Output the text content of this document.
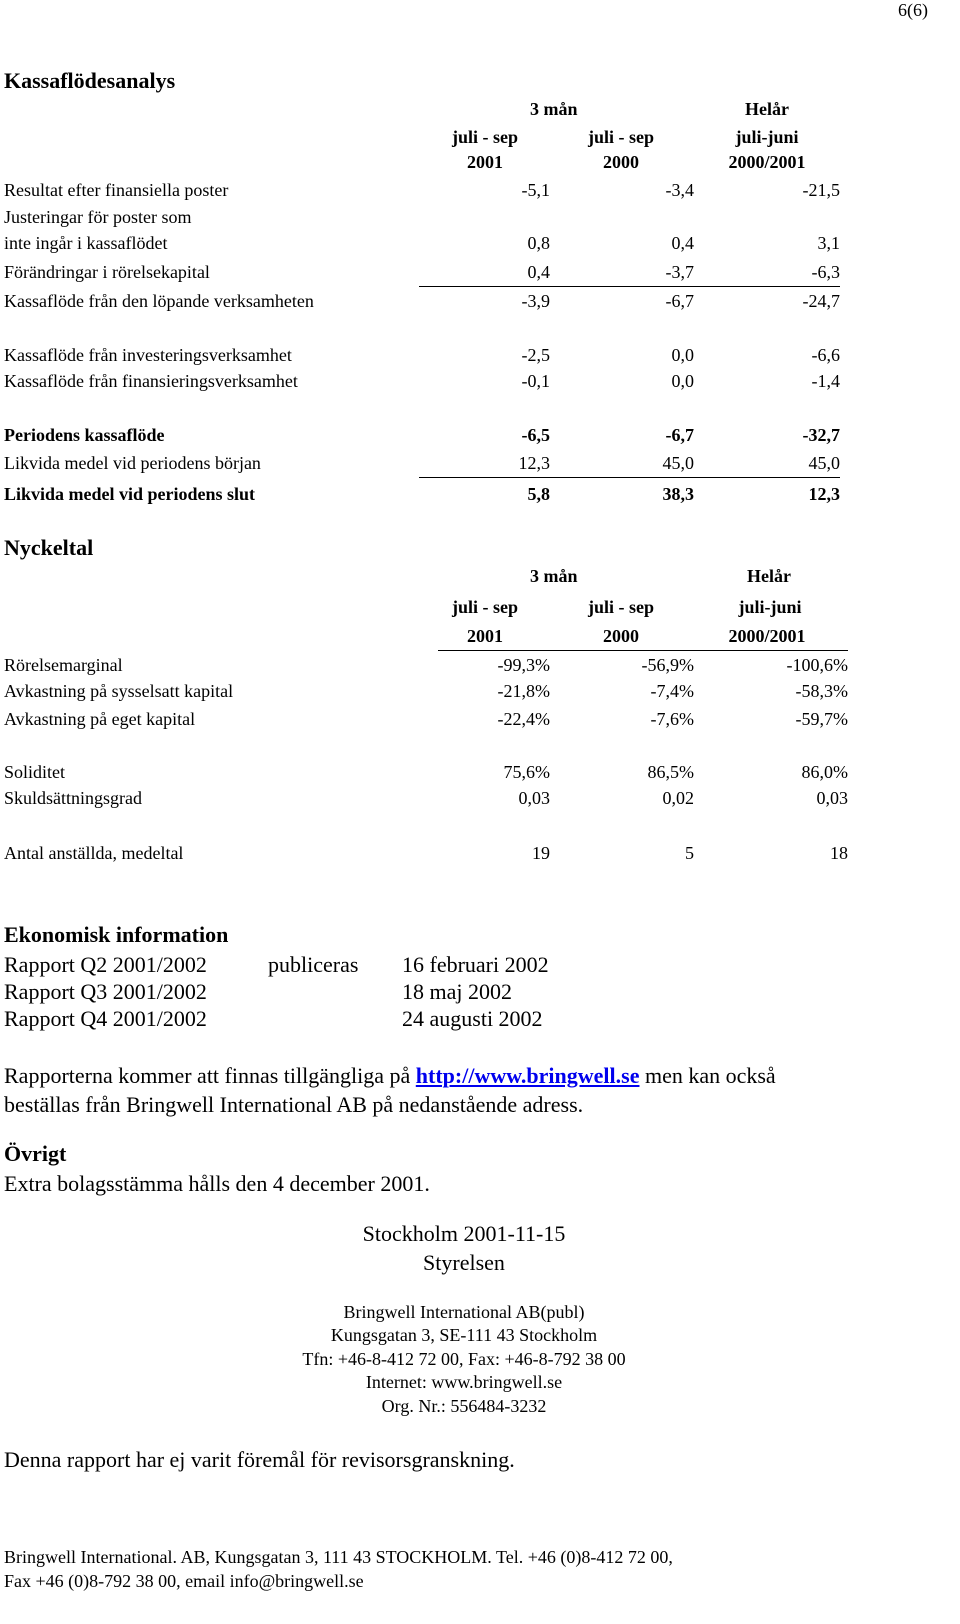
6(6)
Kassaflödesanalys
3 mån	Helår
juli - sep	juli - sep	juli-juni
2001	2000	2000/2001
Resultat efter finansiella poster	-5,1	-3,4	-21,5
Justeringar för poster som
inte ingår i kassaflödet	0,8	0,4	3,1
Förändringar i rörelsekapital	0,4	-3,7	-6,3
Kassaflöde från den löpande verksamheten	-3,9	-6,7	-24,7
Kassaflöde från investeringsverksamhet	-2,5	0,0	-6,6
Kassaflöde från finansieringsverksamhet	-0,1	0,0	-1,4
Periodens kassaflöde	-6,5	-6,7	-32,7
Likvida medel vid periodens början	12,3	45,0	45,0
Likvida medel vid periodens slut	5,8	38,3	12,3
Nyckeltal
3 mån	Helår
juli - sep	juli - sep	juli-juni
2001	2000	2000/2001
Rörelsemarginal	-99,3%	-56,9%	-100,6%
Avkastning på sysselsatt kapital	-21,8%	-7,4%	-58,3%
Avkastning på eget kapital	-22,4%	-7,6%	-59,7%
Soliditet	75,6%	86,5%	86,0%
Skuldsättningsgrad	0,03	0,02	0,03
Antal anställda, medeltal	19	5	18
Ekonomisk information
Rapport Q2 2001/2002	publiceras 16 februari 2002
Rapport Q3 2001/2002	18 maj 2002
Rapport Q4 2001/2002	24 augusti 2002
Rapporterna kommer att finnas tillgängliga på http://www.bringwell.se men kan också
beställas från Bringwell International AB på nedanstående adress.
Övrigt
Extra bolagsstämma hålls den 4 december 2001.
Stockholm 2001-11-15
Styrelsen
Bringwell International AB(publ)
Kungsgatan 3, SE-111 43 Stockholm
Tfn: +46-8-412 72 00, Fax: +46-8-792 38 00
Internet: www.bringwell.se
Org. Nr.: 556484-3232
Denna rapport har ej varit föremål för revisorsgranskning.
Bringwell International. AB, Kungsgatan 3, 111 43 STOCKHOLM. Tel. +46 (0)8-412 72 00,
Fax +46 (0)8-792 38 00, email info@bringwell.se
